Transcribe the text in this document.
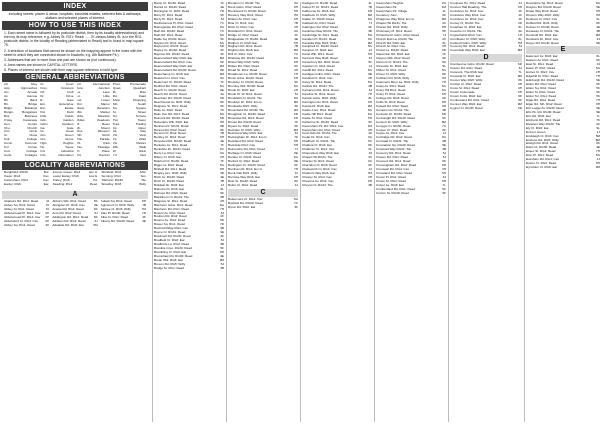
INDEX
Including streets, places & areas, hospitals, industrial estates, selected flats & walkways, stations and selected places of interest.
HOW TO USE THIS INDEX
1. Each street name is followed by its postcode district, then by its locality abbreviation(s) and then by its map reference; e.g. Abbey St. RG1: Readi ..... 7K means Abbey St. is in the RG1 postcode district, in the locality of Reading (abbreviated to Readi) and is found in map square 7K.
2. A selection of locations that cannot be shown on the mapping appear in the index with the street to which they are connected shown in brackets; e.g. Alfr Baltmore Pk.)
3. Addresses that are in more than one part are shown as (not continuous).
4. Area names are shown in CAPITAL LETTERS.
5. Places of interest are shown with their map square reference in bold type.
GENERAL ABBREVIATIONS
All.	Alley
App.	Approaches
Arc.	Arcade
Av.	Avenue
Bk.	Back
Bri.	Bridge
Bldgs.	Buildings
Bungs.	Bungalows
Bus.	Business
C'way	Causeway
Cen.	Centre
Chu.	Church
Circ.	Circle
Cl.	Close
Coll.	College
Comn.	Common
Cnr.	Corner
Cott.	Cottage
Cotts.	Cottages
Ct.	Court
Cres.	Crescent
Cft.	Croft
Dr.	Drive
E.	East
Ent.	Enterprise
Est.	Estate
Fld.	Field
Flds.	Fields
Gdn.	Garden
Gdns.	Gardens
Ga.	Gate
Gt.	Great
Grn.	Green
Gro.	Grove
Hgts.	Heights
Ho.	House
Ind.	Industrial
Info.	Information
Intl.	International
Junc.	Junction
La.	Lane
Lit.	Little
Lwr.	Lower
Mnr.	Manor
Mans.	Mansions
Mkt.	Market
Mdw.	Meadow
Mdws.	Meadows
M.	Mews
Mt.	Mount
Mus.	Museum
Nth.	North
Pde.	Parade
Pk.	Park
Pas.	Passage
Pl.	Place
Pct.	Precinct
Prom.	Promenade
Quad.	Quadrant
Ri.	Rise
Rd.	Road
Shop.	Shopping
Sth.	South
Sq.	Square
St.	Street
Ter.	Terrace
Twr.	Tower
Trad.	Trading
Up.	Upper
Va.	Vale
Vw.	View
Vs.	Villas
Vis.	Visitors
Wlk.	Walk
W.	West
Yd.	Yard
LOCALITY ABBREVIATIONS
Burghfield: RG30	Bur
Caver: RG4	Cav
Caversham: RG4	Cav
Earley: RG6	Ear
Emmer Green: RG4	Em G
Lower Earley: RG6	Low E
Purley: RG8	Pur
Reading: RG1	Read
Shinfield: RG2	Shin
Sonning: RG4	Son
Tilehurst: RG30	Tile
Woodley: RG5	Wdly
A
Abattoirs Rd. RG1: Read	4J
Abbey Sq. RG1: Read	6J
Abbey St. RG1: Read	5J
Abbotsmead Pl. RG4: Cav 2H
Abbotsmead Pl. RG4: Cav 2H
Abbotsford Cl. RG4: Cav 2H
Abbey Sq. RG1: Read	4K
Abbot's Wlk. RG1: Read	5K
Abingdon Dr. RG4: Cav	4E
Acacia Rd. RG1: Read	6K
Acre Rd. RG2: Read	5J
Addington Rd. RG1: Read 6K
Addison Rd. RG1: Read	3J
Adelaide Rd. RG6: Ear	6M
Adwell Sq. RG1: Read	8H
Agincourt Cl. RG5: Wdly	7B
Aintree Cl. RG5: Wdly	7M
Alan Pl. RG30: Read	7D
Alba Ct. RG1: Read	4K
Albany Rd. RG30: Read	4E
Baron Ct. RG30: Read	7F
Barrett Cl. RG30: Read	4E
Barrington Cl. RG6: Read	7D
Barry Pl. RG1: Read	6K
Barry Pl. RG1: Read	5J
Bartholomew Pl. RG1: Read	7C
Basingstoke Rd. RG2: Read	9G
Bath Rd. RG30: Read	7C
Bath Rd. RG1: Read	6G
Battle Sq. RG30: Read	5F
Baydon Dr. RG1: Read	6G
Bayford Dr. RG31: Read	5D
Bayley Ct. RG30: Read	6F
Baynton Rd. RG30: Read	3F
Beaconsfield Way RG6: Ear	8M
Beaconsfield Rd. RG4: Cav	6K
Beaconsfield Way RG6: Ear	9M
Beaconsfield Rd. RG30: Read	8E
Beauchamp Ct. RG6: Ear	9M
Beaufort Ct. RG4: Cav	8A
Beaumont Ct. RG30: Read	7F
Bedford Rd. RG1: Read	5G
Beech Ct. RG30: Read	8E
Beech Rd. RG31: Read	4A
Beecham Rd. RG30: Read	6D
Beechwood Av. RG5: Wdly	8K
Belgrave St. RG1: Read	6K
Belle Av. RG6: Read	7K
Belle Vue Rd. RG1: Read	6G
Belmont Rd. RG30: Read	5D
Belvedere Wlk. RG6: Ear	7M
Benham Dr. RG31: Read	8B
Bennet Rd. RG2: Read	8K
Benson Cl. RG2: Read	7B
Bentley Cl. RG2: Read	9H
Beresford Rd. RG30: Read	4E
Berkeley Av. RG1: Read	7F
Berkshire Dr. RG31: Read	6C
Berry La. RG4: Cav	3G
Bibury Cl. RG6: Ear	3H
Bideford Cl. RG30: Read	7F
Biggs La. RG2: Read	5G
Binfield Rd. RG1: Read	8H
Bingley Gro. RG5: Wdly	4D
Birch Av. RG30: Read	4E
Birch Ct. RG30: Read	7B
Birkdale Dr. RG6: Ear	4J
Bishop's Dr. RG6: Ear	8L
Bishops Rd. RG6: Read	6K
Blackthorn Cl. RG31: Tile	3B
Blagrave St. RG1: Read	4H
Blenheim Gdns. RG1: Read	6G
Blenheim Rd. RG1: Read	7H
Boston Av. RG1: Read	6J
Boulton Rd. RG2: Read	2F
Bourne Av. RG2: Read	5D
Bower Sq. RG1: Read	7D
Boxford Ridge RG4: Cav	9B
Boyce Cl. RG31: Read	9E
Bracknell Rd. RG30: Read	4F
Bradfield Cl. RG6: Ear	5J
Bradfords La. RG2: Read	3B
Bramble Cres. RG30: Read	5F
Brambling Cl. RG6: Ear	8H
Bramshaw Rd. RG30: Read	4E
Brean Wlk. RG6: Ear	9M
Brecon Rd. RG5: Wdly	8J
Bridge St. RG1: Read	3B
Brendon Cl. RG30: Tile	5A
Brent Gdns. RG2: Read	8H
Brentwood Cl. RG30: Read	5H
Brewery Way RG1: Read	7M
Briants Av. RG4: Cav	6H
Briar Cl. RG4: Cav	7B
Brick Cl. RG4: Cav	4H
Brickfield Ct. RG1: Read	4G
Bridge Cl. RG2: Read	2F
Bridgewater Cl. RG30: Read	4E
Bridport Cl. RG6: Ear	6H
Brigham Rd. RG1: Read	7B
Brighton Rd. RG6: Ear	6M
Brill Cl. RG4: Cav	7C
Brisbane Rd. RG30: Read	6G
Bristol Way RG5: Wdly	9H
Britten Rd. RG2: Read	5F
Broad St. RG1: Read	4H
Broadmoor La. RG30: Read	7H
Brock Gdns. RG30: Read	6H
Brockley Cl. RG30: Read	6F
Bromley Wlk. RG30: Read	5G
Brook Dr. RG6: Ear	2H
Brook St. W. RG1: Read	5J
Brookfield Cl. RG31: Tile	6G
Brooklyn Dr. RG4: Em G	9M
Brookside RG5: Wdly	4K
Broomfield Rd. RG30: Tile	2M
Broughton Cl. RG30: Read	6D
Brownlow Rd. RG1: Read	6H
Brunel Rd. RG30: Read	7F
Bryant Av. RG6: Read	5K
Buckden Cl. RG5: Wdly	6M
Buckhurst Way RG6: Ear	8J
Buckingham Dr. RG4: Em G	7K
Buckland Rd. RG2: Read	8H
Buckside RG4: Cav	5H
Bulmershe Rd. RG1: Read	7J
Burbage Ct. RG5: Read	6E
Burden Cl. RG31: Read	6G
Burford Cl. RG2: Read	8E
Burlington Ct. RG30: Read	6F
Burnham Ri. RG4: Em G	7H
Burnt Oak RG5: Wdly	4J
Burrows Way RG6: Ear	6H
Bute St. RG30: Read	8F
Butler Ct. RG2: Read	4J
C
Buttermere Cl. RG4: Cav	5G
Byefield Rd. RG30: Read	7C
Byron Rd. RG6: Ear	3F
Cadogan Cl. RG30: Read	4L
Calcot Pl. Dr. RG31: Read	7B
Calbourne Dr. RG6: Ear	9H
Caldbeck Cl. RG5: Wdly	6M
Calder Cl. RG30: Read	6G
Caldwell Av. RG1: Read	7J
Callington Rd. RG2: Read	6F
Cambrian Way RG31: Tile	3B
Cambridge St. RG1: Read	5G
Camden Pl. RG31: Read	6C
Camellia Way RG5: Wdly	9M
Campbell Ct. RG30: Read	5G
Campion Cl. RG6: Ear	4J
Canal Wlk. RG1: Read	6H
Cannock Way RG6: Read	6J
Canterbury Rd. RG2: Read	5F
Capstan Ct. RG1: Read	4J
Cardiff Rd. RG1: Read	6G
Cardigan Gdns. RG1: Read	8E
Cardinal Cl. RG4: Cav	3H
Carey St. RG1: Read	5G
Carlisle Rd. RG31: Tile	4B
Carnarvon Rd. RG1: Read	6J
Caroline St. RG1: Read	7H
Carrick Gdns. RG5: Wdly	8L
Carrington Av. RG1: Read	6H
Cassia Dr. RG6: Ear	9M
Castle Cres. RG1: Read	5G
Castle Hill RG1: Read	6G
Castle St. RG1: Read	5H
Catherine St. RG30: Read	5F
Caversham Pk. Rd. RG4: Cav	1M
Caversham Rd. RG1: Read	3H
Cecil Aldin Dr. RG31: Tile	4A
Cedar Dr. RG4: Cav	3G
Chaffinch Cl. RG31: Tile	5C
Chalfont Cl. RG6: Ear	8K
Challenor Cl. RG4: Cav	6L
Chancellors Way RG6: Ear	8J
Chapel Hill RG31: Tile	4C
Charles St. RG1: Read	4G
Charndon Cl. RG6: Read	6F
Chatsworth Cl. RG4: Cav	4J
Chatteris Way RG6: Ear	7M
Chester St. RG4: Cav	3H
Chestnut Av. RG4: Cav	6H
Cheviot Cl. RG31: Tile	3B
Caversham Heights	2G
Caversham Pk.	1M
Caversham Pk. Village	1L
Cemetery Junc.	6K
Chalgrove Way RG4: Em G	9M
Chapel Hill RG31: Tile	4C
Charter Rd. RG5: Wdly	8H
Cholmeley Pl. RG1: Read	5K
Christchurch Gdns. RG2: Read	7J
Church End La. RG30: Tile	4C
Church Rd. RG6: Ear	8L
Church St. RG4: Cav	3H
Circuit La. RG30: Read	6D
Clarendon Rd. RG6: Ear	7K
Clayton Wlk. RG2: Read	9F
Clement Cl. RG31: Tile	5A
Clevedon Dr. RG6: Ear	9L
Clifton St. RG1: Read	5G
Clover Cl. RG5: Wdly	8K
Cobham Rd. RG5: Wdly	7M
Colemans Moor La. RG5: Wdly	7H
Coley Av. RG1: Read	6G
Coley Hill RG1: Read	6G
Coley Pl. RG1: Read	6H
College Rd. RG6: Read	6K
Collis St. RG2: Read	8H
Colwell Rd. RG2: Read	9H
Compton Av. RG31: Tile	4B
Coniston Dr. RG30: Read	6D
Connaught Rd. RG30: Read	5F
Consort Dr. RG5: Wdly	8M
Conygre Cl. RG30: Read	7C
Cooper Cl. RG2: Read	6F
Copse Av. RG4: Cav	2J
Corbridge Rd. RG2: Read	9G
Cornwall Cl. RG31: Tile	3B
Coronation Sq. RG30: Read	5E
Cotswold Way RG31: Tile	3B
Coventry Rd. RG1: Read	5J
Craven Rd. RG1: Read	6J
Crescent Rd. RG1: Read	6K
Cressingham Rd. RG2: Read	9H
Cromwell Rd. RG4: Cav	3H
Crossland Rd. RG1: Read	5H
Crown Pl. RG1: Read	6J
Crown St. RG1: Read	6H
Culver La. RG6: Ear	7L
Cumberland Rd. RG1: Read	5K
Curzon St. RG30: Read	5F
Compass Ho. RG1: Read	4J
Concert Hall Reading, The	5H
Conisboro Av. RG4: Cav	1F
Conisboro Way RG4: Cav	1F
Conisboro Av. RG4: Cav	1F
Conwy Cl. RG30: Tile	3D
Cookham Cl. RG6: Ear	8L
Coombe Cl. RG31: Tile	3A
Copperfields RG4: Cav	1H
Cornflower Cl. RG5: Wdly	8L
Cotterell Gdns. RG5: Wdly	7M
Coventry Rd. RG1: Read	5J
Coverdale Way RG6: Ear	8M
D
Cranbourne Gdns. RG30: Read	6D
Craven Rd. RG1: Read	6J
Crescent, The RG6: Ear	7L
Cressida Cl. RG6: Ear	9M
Crocus Way RG5: Wdly	8K
Crofton Cl. RG2: Read	9H
Cross St. RG1: Read	4H
Crown Colonnade	5H
Crown Cotts. RG6: Ear	6K
Cumberland Rd. RG1: Read	5K
Cumnor Way RG6: Ear	9M
Cygnet Cl. RG30: Read	6D
Downshire Sq. RG1: Read	6G
Drayton Rd. RG30: Read	5E
Drake Way RG2: Read	9H
Drovers Way RG5: Wdly	7M
Duchess Cl. RG4: Cav	6L
Duffield Rd. RG5: Wdly	8K
Dulnan Cl. RG30: Read	4E
Dunaway Cl. RG31: Tile	3B
Dunsfold Rd. RG6: Ear	9M
Dunstans Dr. RG4: Cav	2J
Dwyer Rd. RG30: Read	5E
E
Eastcourt Av. RG6: Ear	6L
Eastern Av. RG1: Read	6K
East St. RG1: Read	4J
Eaton Pl. RG1: Read	5G
Eccles Cl. RG4: Cav	2H
Edgehill St. RG1: Read	7H
Edinburgh Rd. RG30: Read	5E
Eldon Rd. RG1: Read	5K
Eldon Sq. RG1: Read	5K
Eldon St. RG1: Read	5K
Eldon Ter. RG1: Read	5K
Elgar Rd. RG2: Read	7H
Elgar Rd. Sth. RG2: Read	8H
Elm Lodge Av. RG30: Read	5E
Elm Pk. Rd. RG30: Read	5E
Elm Rd. RG6: Ear	7L
Elmhurst Rd. RG1: Read	7K
Elvaston Way RG30: Tile	4C
Ely Cl. RG6: Ear	9L
Emmer Green	1J
Endsleigh Cl. RG4: Cav	5M
Enstone Rd. RG5: Wdly	8M
Erleigh Rd. RG1: Read	6K
Eskin Cl. RG30: Read	4E
Essex St. RG2: Read	7H
Eton Pl. RG1: Read	5G
Evesham Rd. RG4: Cav	1J
Exeter Ct. RG2: Read	8H
Eynsham Cl. RG6: Ear	9M
